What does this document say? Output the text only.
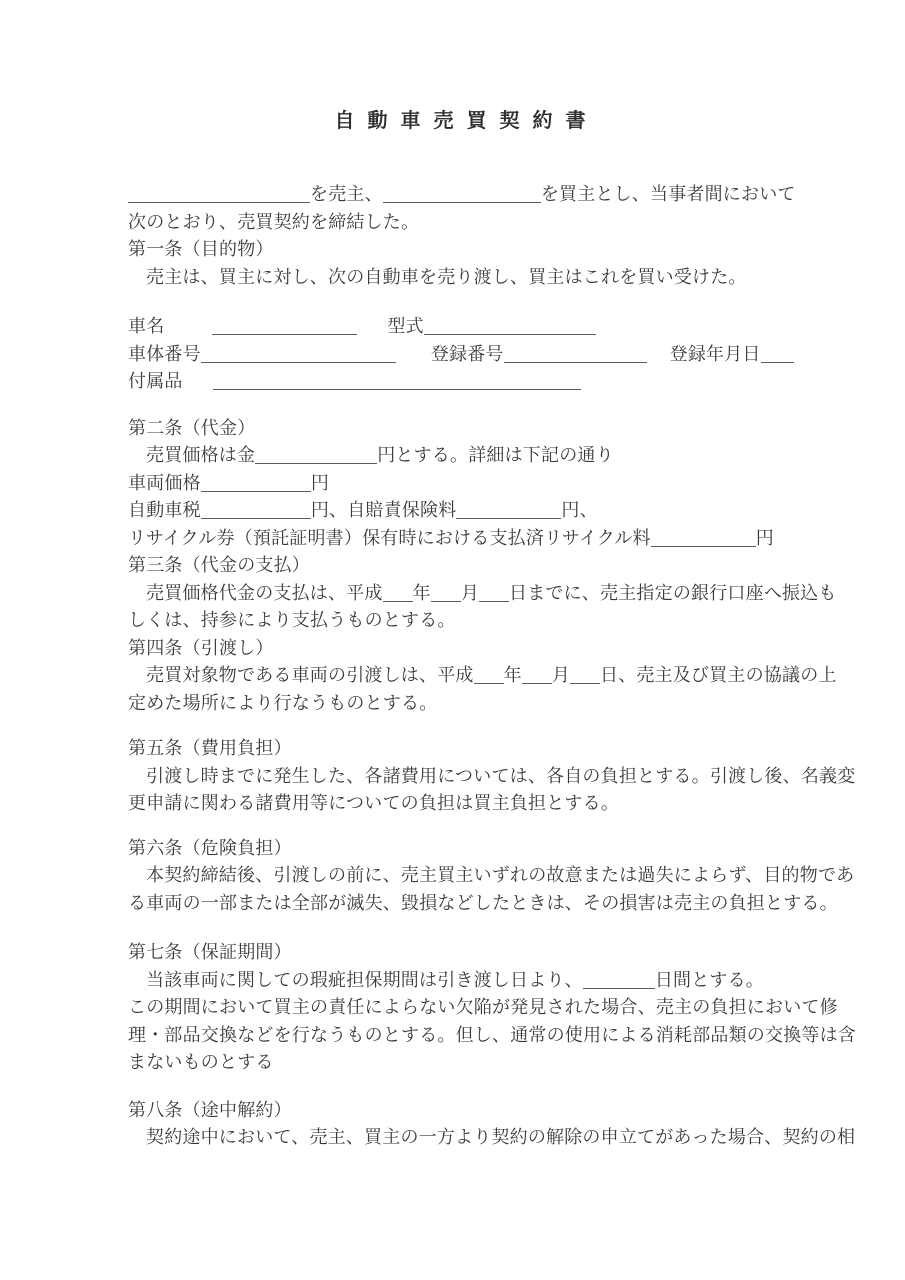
自動車売買契約書
を売主、	を買主とし、当事者間において
次のとおり、売買契約を締結した。
第一条（目的物）
売主は、買主に対し、次の自動車を売り渡し、買主はこれを買い受けた。
車名	型式
車体番号	登録番号	登録年月日
付属品
第二条（代金）
売買価格は金	円とする。詳細は下記の通り
車両価格	円
自動車税	円、自賠責保険料	円、
リサイクル券（預託証明書）保有時における支払済リサイクル料	円
第三条（代金の支払）
売買価格代金の支払は、平成 年 月 日までに、売主指定の銀行口座へ振込も
しくは、持参により支払うものとする。
第四条（引渡し）
売買対象物である車両の引渡しは、平成 年 月 日、売主及び買主の協議の上
定めた場所により行なうものとする。
第五条（費用負担）
引渡し時までに発生した、各諸費用については、各自の負担とする。引渡し後、名義変
更申請に関わる諸費用等についての負担は買主負担とする。
第六条（危険負担）
本契約締結後、引渡しの前に、売主買主いずれの故意または過失によらず、目的物であ
る車両の一部または全部が滅失、毀損などしたときは、その損害は売主の負担とする。
第七条（保証期間）
当該車両に関しての瑕疵担保期間は引き渡し日より、	日間とする。
この期間において買主の責任によらない欠陥が発見された場合、売主の負担において修
理・部品交換などを行なうものとする。但し、通常の使用による消耗部品類の交換等は含
まないものとする
第八条（途中解約）
契約途中において、売主、買主の一方より契約の解除の申立てがあった場合、契約の相
